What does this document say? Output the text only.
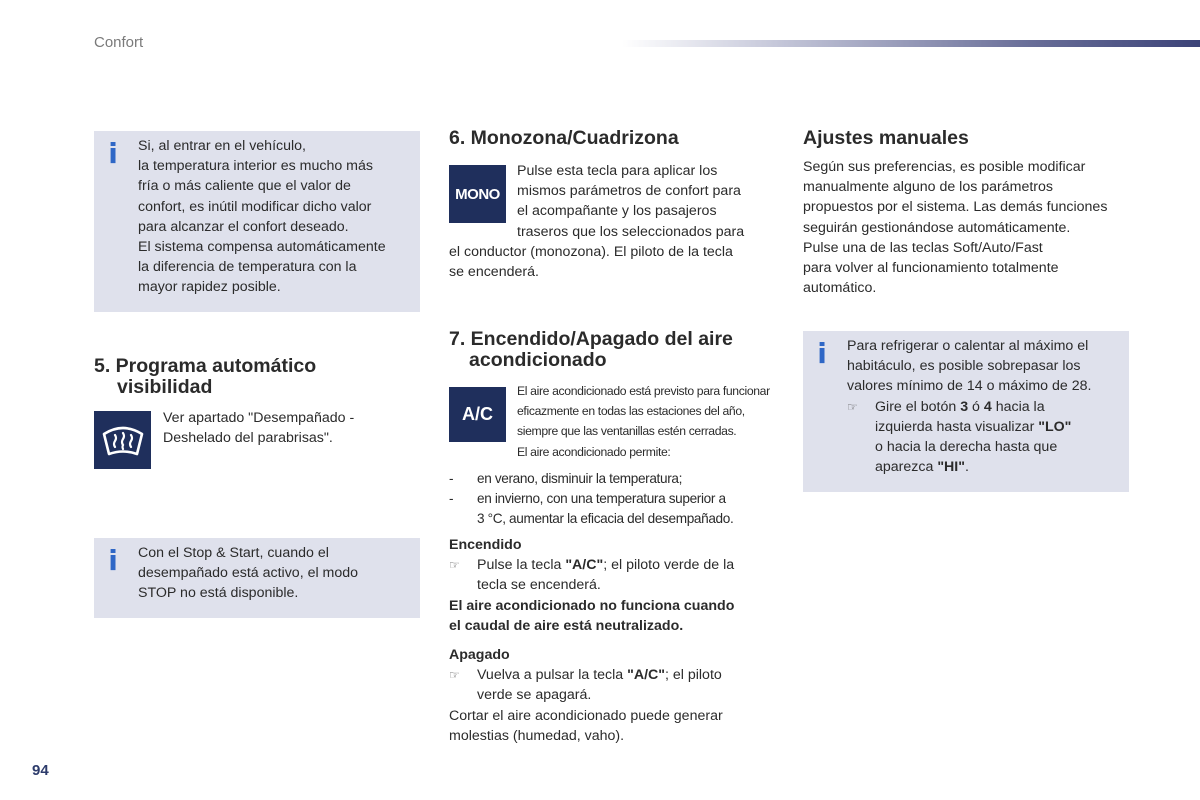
Confort
i Si, al entrar en el vehículo,
la temperatura interior es mucho más
fría o más caliente que el valor de
confort, es inútil modificar dicho valor
para alcanzar el confort deseado.
El sistema compensa automáticamente
la diferencia de temperatura con la
mayor rapidez posible.
5. Programa automático
visibilidad
Ver apartado "Desempañado -
Deshelado del parabrisas".
i Con el Stop & Start, cuando el
desempañado está activo, el modo
STOP no está disponible.
6. Monozona/Cuadrizona
MONO
Pulse esta tecla para aplicar los
mismos parámetros de confort para
el acompañante y los pasajeros
traseros que los seleccionados para
el conductor (monozona). El piloto de la tecla
se encenderá.
7. Encendido/Apagado del aire
acondicionado
A/C
El aire acondicionado está previsto para funcionar
eficazmente en todas las estaciones del año,
siempre que las ventanillas estén cerradas.
El aire acondicionado permite:
- en verano, disminuir la temperatura;
- en invierno, con una temperatura superior a
3 °C, aumentar la eficacia del desempañado.
Encendido
☞ Pulse la tecla "A/C"; el piloto verde de la
tecla se encenderá.
El aire acondicionado no funciona cuando
el caudal de aire está neutralizado.
Apagado
☞ Vuelva a pulsar la tecla "A/C"; el piloto
verde se apagará.
Cortar el aire acondicionado puede generar
molestias (humedad, vaho).
Ajustes manuales
Según sus preferencias, es posible modificar
manualmente alguno de los parámetros
propuestos por el sistema. Las demás funciones
seguirán gestionándose automáticamente.
Pulse una de las teclas Soft/Auto/Fast
para volver al funcionamiento totalmente
automático.
i Para refrigerar o calentar al máximo el
habitáculo, es posible sobrepasar los
valores mínimo de 14 o máximo de 28.
☞ Gire el botón 3 ó 4 hacia la
izquierda hasta visualizar "LO"
o hacia la derecha hasta que
aparezca "HI".
94
